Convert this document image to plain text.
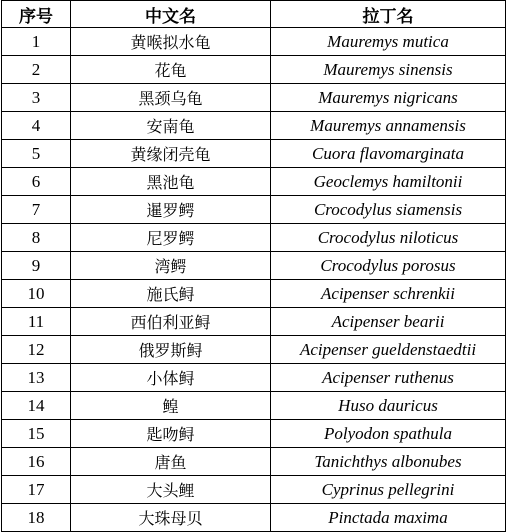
序号	中文名	拉丁名
1	黄喉拟水龟	Mauremys mutica
2	花龟	Mauremys sinensis
3	黑颈乌龟	Mauremys nigricans
4	安南龟	Mauremys annamensis
5	黄缘闭壳龟	Cuora flavomarginata
6	黑池龟	Geoclemys hamiltonii
7	暹罗鳄	Crocodylus siamensis
8	尼罗鳄	Crocodylus niloticus
9	湾鳄	Crocodylus porosus
10	施氏鲟	Acipenser schrenkii
11	西伯利亚鲟	Acipenser bearii
12	俄罗斯鲟	Acipenser gueldenstaedtii
13	小体鲟	Acipenser ruthenus
14	鳇	Huso dauricus
15	匙吻鲟	Polyodon spathula
16	唐鱼	Tanichthys albonubes
17	大头鲤	Cyprinus pellegrini
18	大珠母贝	Pinctada maxima
